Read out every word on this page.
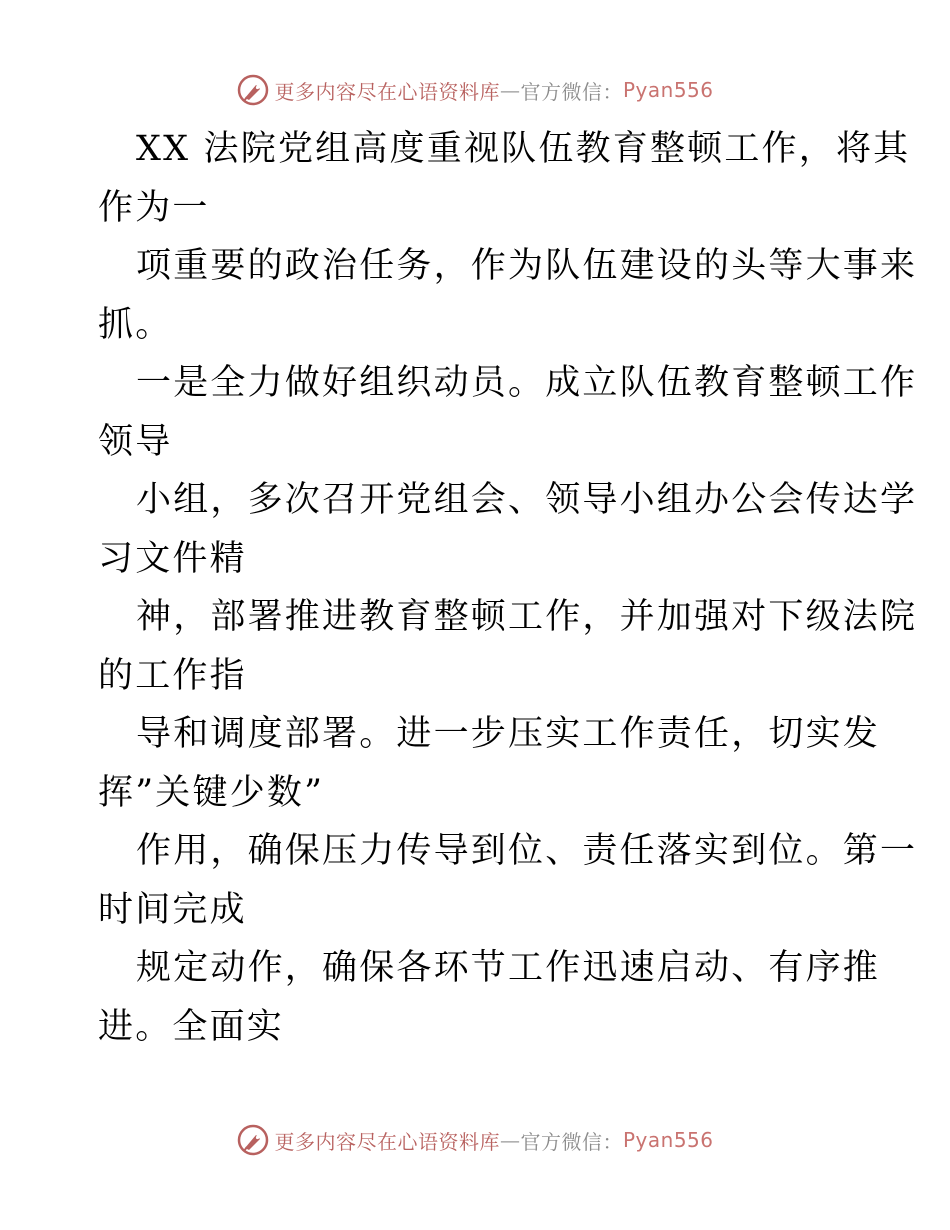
更多内容尽在心语资料库 — 官方微信： Pyan556
XX 法院党组高度重视队伍教育整顿工作，将其
作为一
项重要的政治任务，作为队伍建设的头等大事来
抓。
一是全力做好组织动员。成立队伍教育整顿工作
领导
小组，多次召开党组会、领导小组办公会传达学
习文件精
神，部署推进教育整顿工作，并加强对下级法院
的工作指
导和调度部署。进一步压实工作责任，切实发
挥”关键少数”
作用，确保压力传导到位、责任落实到位。第一
时间完成
规定动作，确保各环节工作迅速启动、有序推
进。全面实
更多内容尽在心语资料库 — 官方微信： Pyan556
